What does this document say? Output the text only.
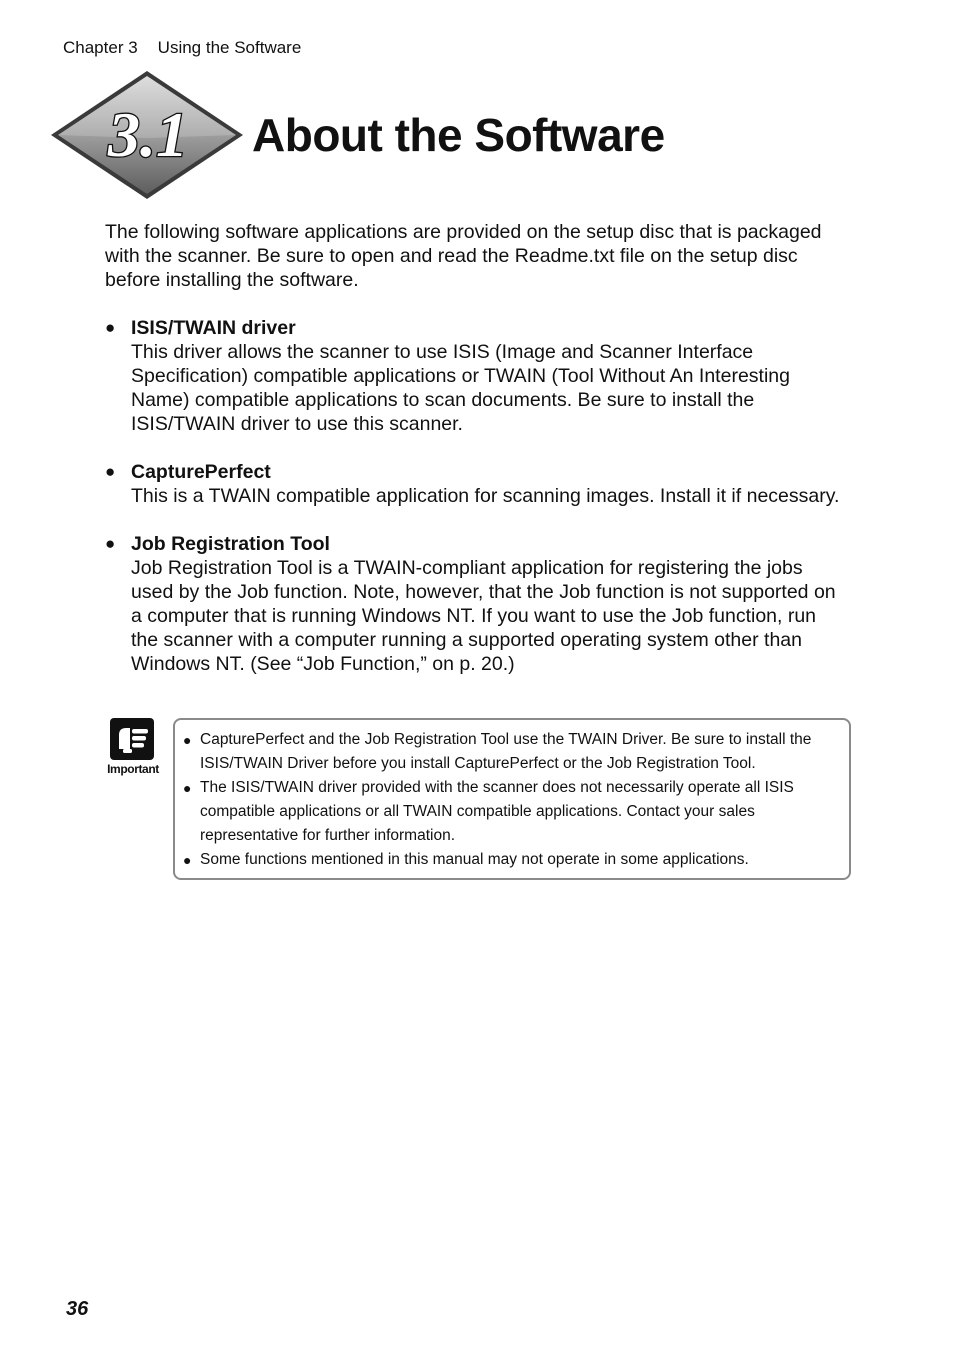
Chapter 3 Using the Software
3.1 About the Software

The following software applications are provided on the setup disc that is packaged with the scanner. Be sure to open and read the Readme.txt file on the setup disc before installing the software.

● ISIS/TWAIN driver
This driver allows the scanner to use ISIS (Image and Scanner Interface Specification) compatible applications or TWAIN (Tool Without An Interesting Name) compatible applications to scan documents. Be sure to install the ISIS/TWAIN driver to use this scanner.
● CapturePerfect
This is a TWAIN compatible application for scanning images. Install it if necessary.
● Job Registration Tool
Job Registration Tool is a TWAIN-compliant application for registering the jobs used by the Job function. Note, however, that the Job function is not supported on a computer that is running Windows NT. If you want to use the Job function, run the scanner with a computer running a supported operating system other than Windows NT. (See “Job Function,” on p. 20.)
Important
● CapturePerfect and the Job Registration Tool use the TWAIN Driver. Be sure to install the ISIS/TWAIN Driver before you install CapturePerfect or the Job Registration Tool.
● The ISIS/TWAIN driver provided with the scanner does not necessarily operate all ISIS compatible applications or all TWAIN compatible applications. Contact your sales representative for further information.
● Some functions mentioned in this manual may not operate in some applications.
36
